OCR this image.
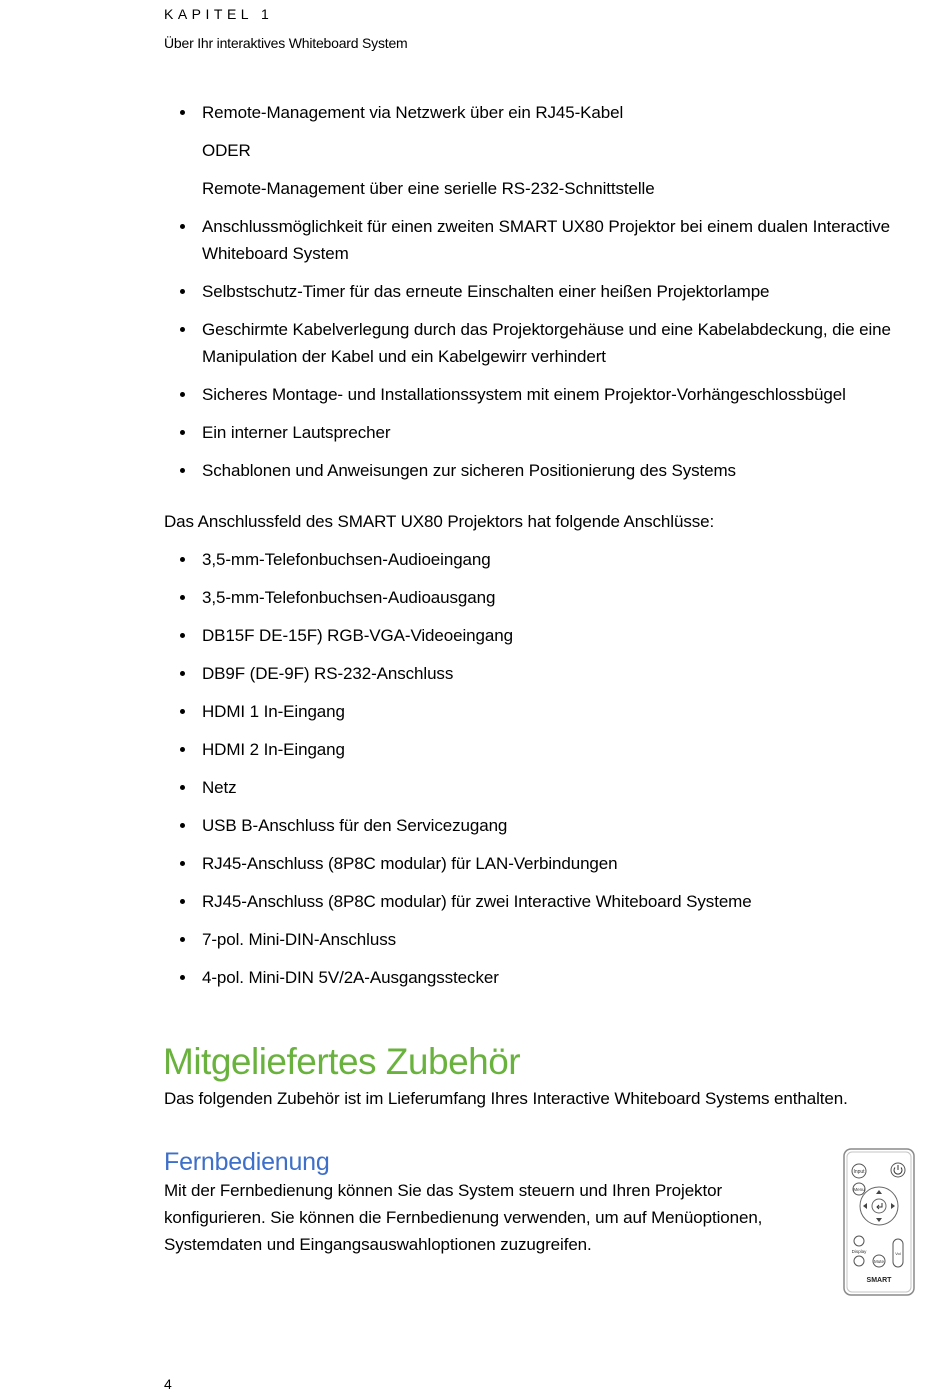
KAPITEL 1
Über Ihr interaktives Whiteboard System
Remote-Management via Netzwerk über ein RJ45-Kabel
ODER
Remote-Management über eine serielle RS-232-Schnittstelle
Anschlussmöglichkeit für einen zweiten SMART UX80 Projektor bei einem dualen Interactive Whiteboard System
Selbstschutz-Timer für das erneute Einschalten einer heißen Projektorlampe
Geschirmte Kabelverlegung durch das Projektorgehäuse und eine Kabelabdeckung, die eine Manipulation der Kabel und ein Kabelgewirr verhindert
Sicheres Montage- und Installationssystem mit einem Projektor-Vorhängeschlossbügel
Ein interner Lautsprecher
Schablonen und Anweisungen zur sicheren Positionierung des Systems
Das Anschlussfeld des SMART UX80 Projektors hat folgende Anschlüsse:
3,5-mm-Telefonbuchsen-Audioeingang
3,5-mm-Telefonbuchsen-Audioausgang
DB15F DE-15F) RGB-VGA-Videoeingang
DB9F (DE-9F) RS-232-Anschluss
HDMI 1 In-Eingang
HDMI 2 In-Eingang
Netz
USB B-Anschluss für den Servicezugang
RJ45-Anschluss (8P8C modular) für LAN-Verbindungen
RJ45-Anschluss (8P8C modular) für zwei Interactive Whiteboard Systeme
7-pol. Mini-DIN-Anschluss
4-pol. Mini-DIN 5V/2A-Ausgangsstecker
Mitgeliefertes Zubehör
Das folgenden Zubehör ist im Lieferumfang Ihres Interactive Whiteboard Systems enthalten.
Fernbedienung
Mit der Fernbedienung können Sie das System steuern und Ihren Projektor konfigurieren. Sie können die Fernbedienung verwenden, um auf Menüoptionen, Systemdaten und Eingangsauswahloptionen zuzugreifen.
Input
Menu
Display
Mute
Vol
SMART
4
